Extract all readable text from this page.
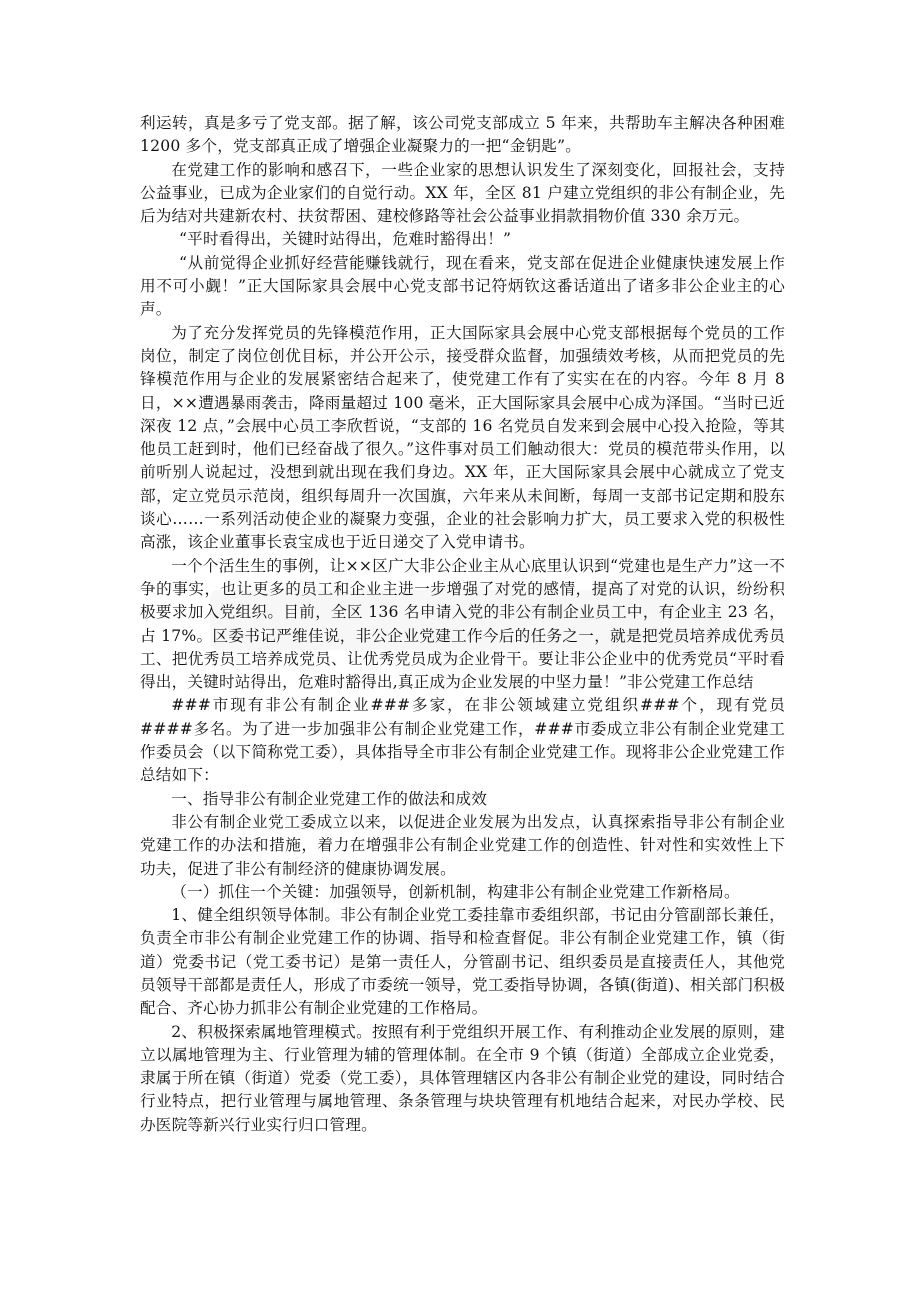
利运转，真是多亏了党支部。据了解，该公司党支部成立 5 年来，共帮助车主解决各种困难 1200 多个，党支部真正成了增强企业凝聚力的一把“金钥匙”。

在党建工作的影响和感召下，一些企业家的思想认识发生了深刻变化，回报社会，支持公益事业，已成为企业家们的自觉行动。XX 年，全区 81 户建立党组织的非公有制企业，先后为结对共建新农村、扶贫帮困、建校修路等社会公益事业捐款捐物价值 330 余万元。

“平时看得出，关键时站得出，危难时豁得出！”

“从前觉得企业抓好经营能赚钱就行，现在看来，党支部在促进企业健康快速发展上作用不可小觑！”正大国际家具会展中心党支部书记符炳钦这番话道出了诸多非公企业主的心声。

为了充分发挥党员的先锋模范作用，正大国际家具会展中心党支部根据每个党员的工作岗位，制定了岗位创优目标，并公开公示，接受群众监督，加强绩效考核，从而把党员的先锋模范作用与企业的发展紧密结合起来了，使党建工作有了实实在在的内容。今年 8 月 8 日，××遭遇暴雨袭击，降雨量超过 100 毫米，正大国际家具会展中心成为泽国。“当时已近深夜 12 点，”会展中心员工李欣哲说，“支部的 16 名党员自发来到会展中心投入抢险，等其他员工赶到时，他们已经奋战了很久。”这件事对员工们触动很大：党员的模范带头作用，以前听别人说起过，没想到就出现在我们身边。XX 年，正大国际家具会展中心就成立了党支部，定立党员示范岗，组织每周升一次国旗，六年来从未间断，每周一支部书记定期和股东谈心……一系列活动使企业的凝聚力变强，企业的社会影响力扩大，员工要求入党的积极性高涨，该企业董事长袁宝成也于近日递交了入党申请书。

一个个活生生的事例，让××区广大非公企业主从心底里认识到“党建也是生产力”这一不争的事实，也让更多的员工和企业主进一步增强了对党的感情，提高了对党的认识，纷纷积极要求加入党组织。目前，全区 136 名申请入党的非公有制企业员工中，有企业主 23 名，占 17%。区委书记严维佳说，非公企业党建工作今后的任务之一，就是把党员培养成优秀员工、把优秀员工培养成党员、让优秀党员成为企业骨干。要让非公企业中的优秀党员“平时看得出，关键时站得出，危难时豁得出,真正成为企业发展的中坚力量！”非公党建工作总结

###市现有非公有制企业###多家，在非公领域建立党组织###个，现有党员####多名。为了进一步加强非公有制企业党建工作，###市委成立非公有制企业党建工作委员会（以下简称党工委），具体指导全市非公有制企业党建工作。现将非公企业党建工作总结如下：

一、指导非公有制企业党建工作的做法和成效

非公有制企业党工委成立以来，以促进企业发展为出发点，认真探索指导非公有制企业党建工作的办法和措施，着力在增强非公有制企业党建工作的创造性、针对性和实效性上下功夫，促进了非公有制经济的健康协调发展。

（一）抓住一个关键：加强领导，创新机制，构建非公有制企业党建工作新格局。

1、健全组织领导体制。非公有制企业党工委挂靠市委组织部，书记由分管副部长兼任，负责全市非公有制企业党建工作的协调、指导和检查督促。非公有制企业党建工作，镇（街道）党委书记（党工委书记）是第一责任人，分管副书记、组织委员是直接责任人，其他党员领导干部都是责任人，形成了市委统一领导，党工委指导协调，各镇(街道)、相关部门积极配合、齐心协力抓非公有制企业党建的工作格局。

2、积极探索属地管理模式。按照有利于党组织开展工作、有利推动企业发展的原则，建立以属地管理为主、行业管理为辅的管理体制。在全市 9 个镇（街道）全部成立企业党委，隶属于所在镇（街道）党委（党工委），具体管理辖区内各非公有制企业党的建设，同时结合行业特点，把行业管理与属地管理、条条管理与块块管理有机地结合起来，对民办学校、民办医院等新兴行业实行归口管理。
